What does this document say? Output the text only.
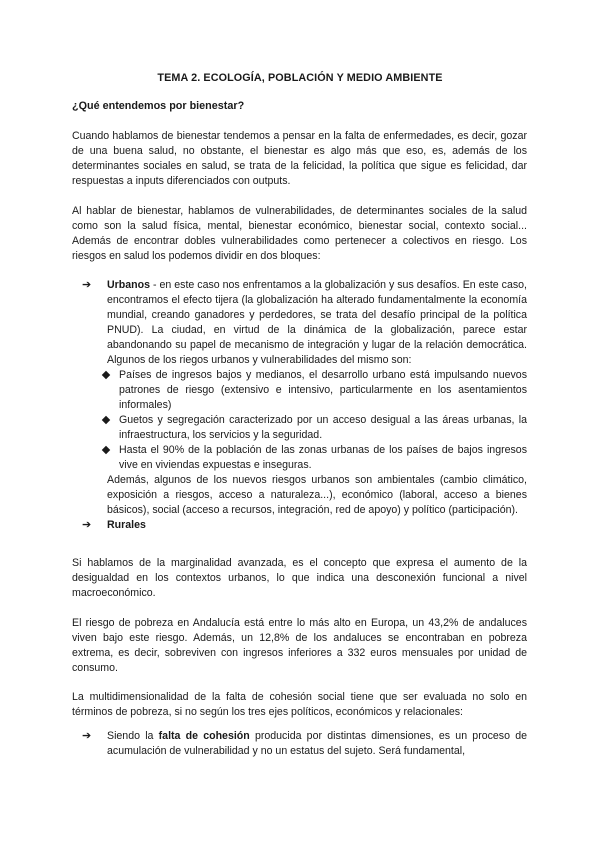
TEMA 2. ECOLOGÍA, POBLACIÓN Y MEDIO AMBIENTE
¿Qué entendemos por bienestar?

Cuando hablamos de bienestar tendemos a pensar en la falta de enfermedades, es decir, gozar de una buena salud, no obstante, el bienestar es algo más que eso, es, además de los determinantes sociales en salud, se trata de la felicidad, la política que sigue es felicidad, dar respuestas a inputs diferenciados con outputs.

Al hablar de bienestar, hablamos de vulnerabilidades, de determinantes sociales de la salud como son la salud física, mental, bienestar económico, bienestar social, contexto social... Además de encontrar dobles vulnerabilidades como pertenecer a colectivos en riesgo. Los riesgos en salud los podemos dividir en dos bloques:

➔	Urbanos - en este caso nos enfrentamos a la globalización y sus desafíos. En este caso, encontramos el efecto tijera (la globalización ha alterado fundamentalmente la economía mundial, creando ganadores y perdedores, se trata del desafío principal de la política PNUD). La ciudad, en virtud de la dinámica de la globalización, parece estar abandonando su papel de mecanismo de integración y lugar de la relación democrática. Algunos de los riegos urbanos y vulnerabilidades del mismo son:
Países de ingresos bajos y medianos, el desarrollo urbano está impulsando nuevos patrones de riesgo (extensivo e intensivo, particularmente en los asentamientos informales)
Guetos y segregación caracterizado por un acceso desigual a las áreas urbanas, la infraestructura, los servicios y la seguridad.
Hasta el 90% de la población de las zonas urbanas de los países de bajos ingresos vive en viviendas expuestas e inseguras.
Además, algunos de los nuevos riesgos urbanos son ambientales (cambio climático, exposición a riesgos, acceso a naturaleza...), económico (laboral, acceso a bienes básicos), social (acceso a recursos, integración, red de apoyo) y político (participación).
➔	Rurales

Si hablamos de la marginalidad avanzada, es el concepto que expresa el aumento de la desigualdad en los contextos urbanos, lo que indica una desconexión funcional a nivel macroeconómico.

El riesgo de pobreza en Andalucía está entre lo más alto en Europa, un 43,2% de andaluces viven bajo este riesgo. Además, un 12,8% de los andaluces se encontraban en pobreza extrema, es decir, sobreviven con ingresos inferiores a 332 euros mensuales por unidad de consumo.

La multidimensionalidad de la falta de cohesión social tiene que ser evaluada no solo en términos de pobreza, si no según los tres ejes políticos, económicos y relacionales:

➔	Siendo la falta de cohesión producida por distintas dimensiones, es un proceso de acumulación de vulnerabilidad y no un estatus del sujeto. Será fundamental,
